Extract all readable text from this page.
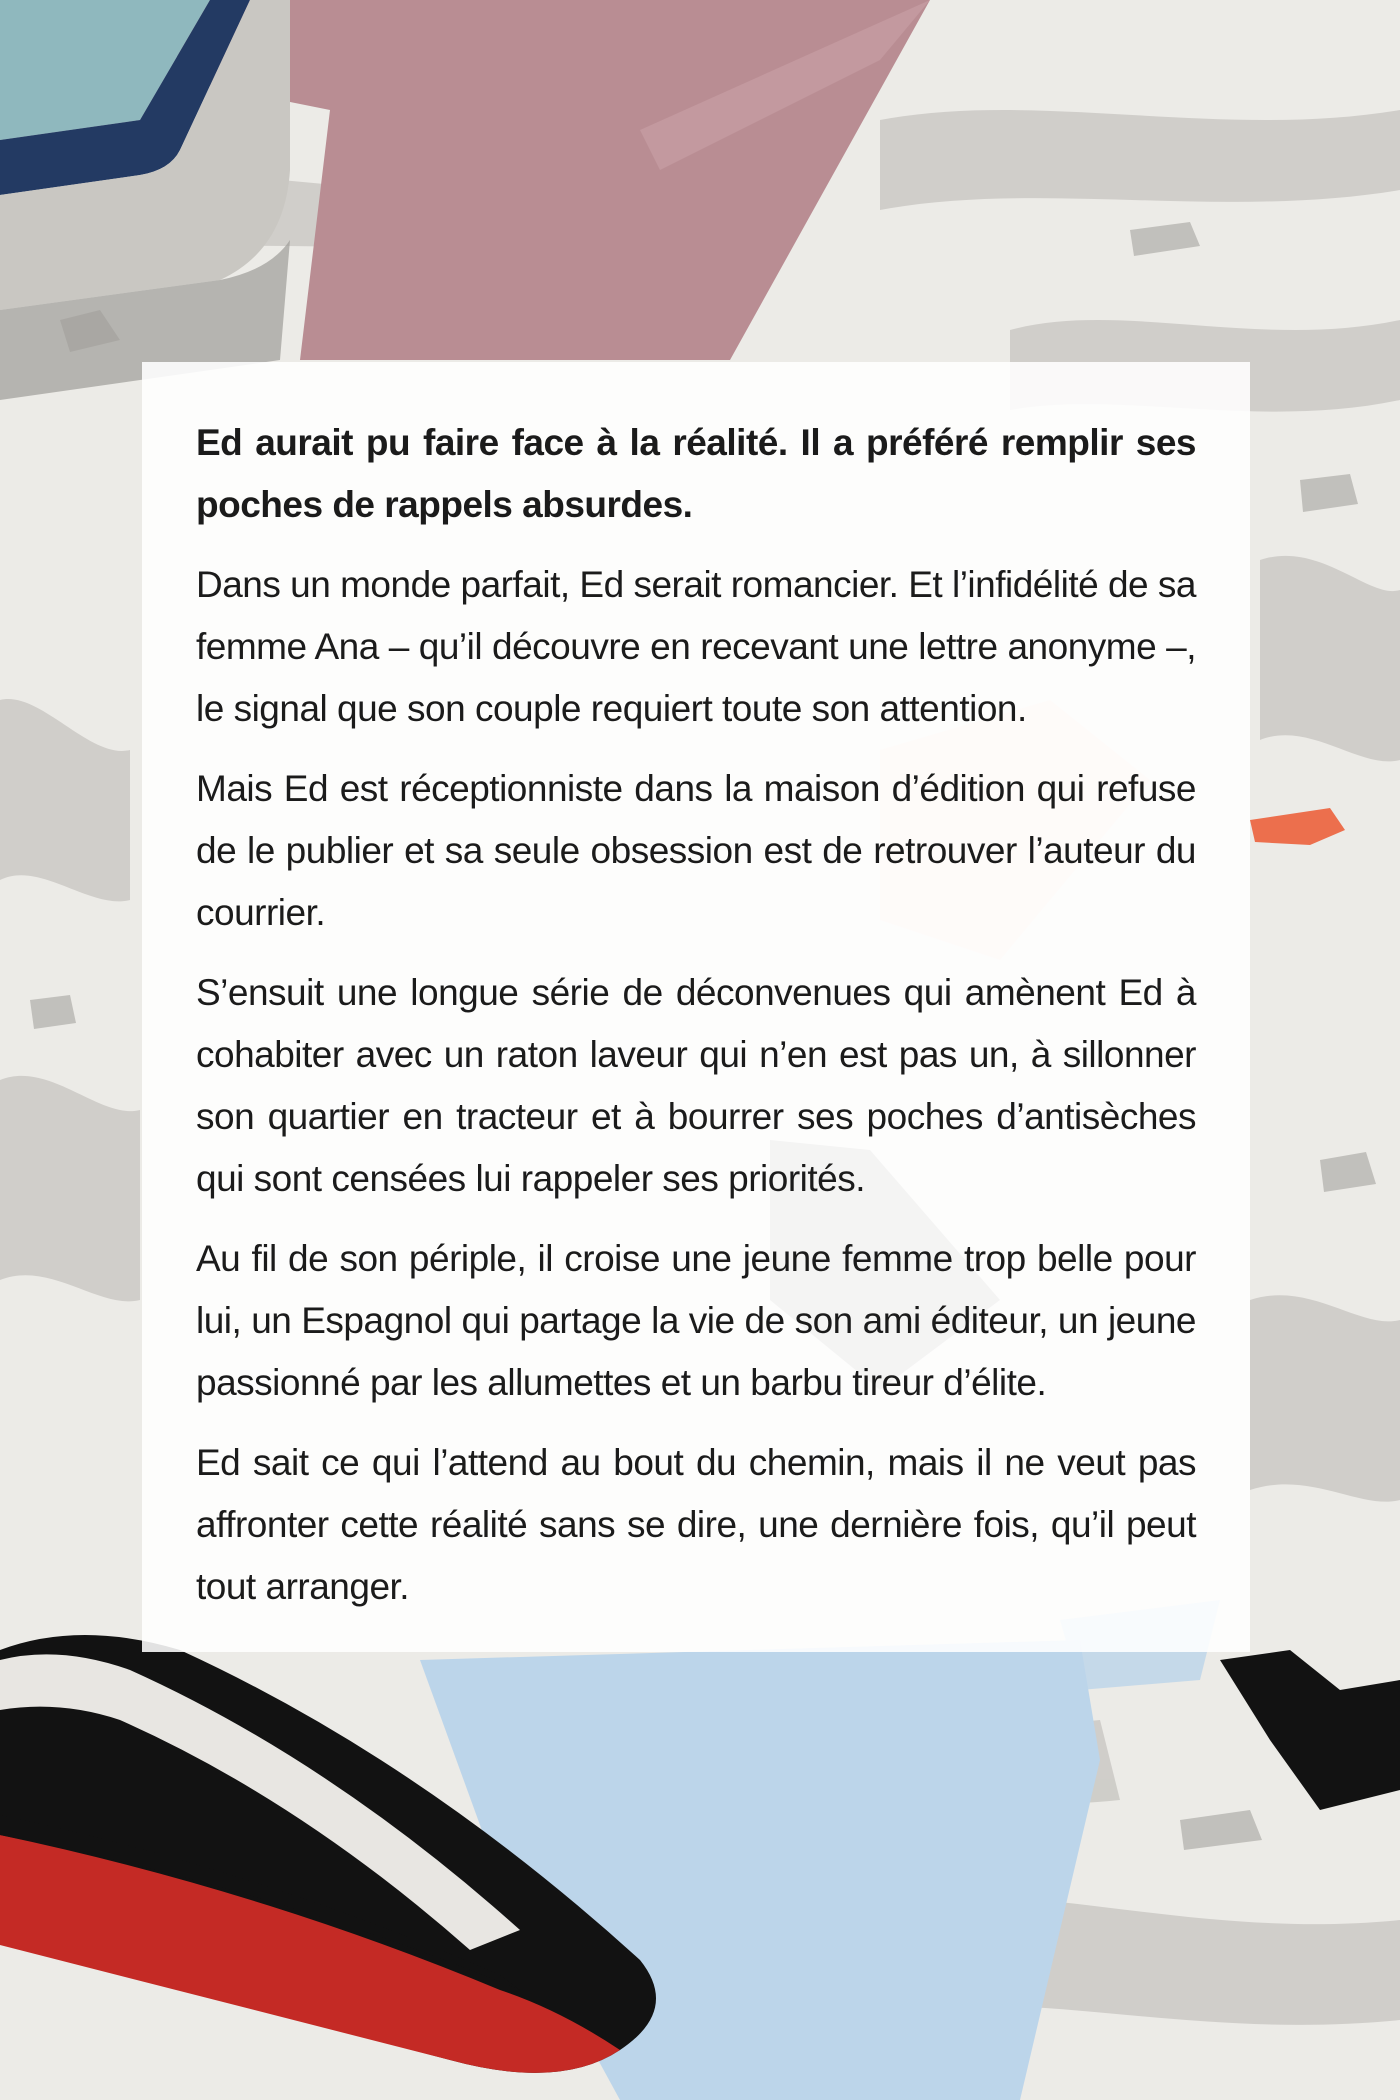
Ed aurait pu faire face à la réalité. Il a préféré remplir ses poches de rappels absurdes.

Dans un monde parfait, Ed serait romancier. Et l’infidélité de sa femme Ana – qu’il découvre en recevant une lettre anonyme –, le signal que son couple requiert toute son attention.

Mais Ed est réceptionniste dans la maison d’édition qui refuse de le publier et sa seule obsession est de retrouver l’auteur du courrier.

S’ensuit une longue série de déconvenues qui amènent Ed à cohabiter avec un raton laveur qui n’en est pas un, à sillonner son quartier en tracteur et à bourrer ses poches d’antisèches qui sont censées lui rappeler ses priorités.

Au fil de son périple, il croise une jeune femme trop belle pour lui, un Espagnol qui partage la vie de son ami éditeur, un jeune passionné par les allumettes et un barbu tireur d’élite.

Ed sait ce qui l’attend au bout du chemin, mais il ne veut pas affronter cette réalité sans se dire, une dernière fois, qu’il peut tout arranger.
